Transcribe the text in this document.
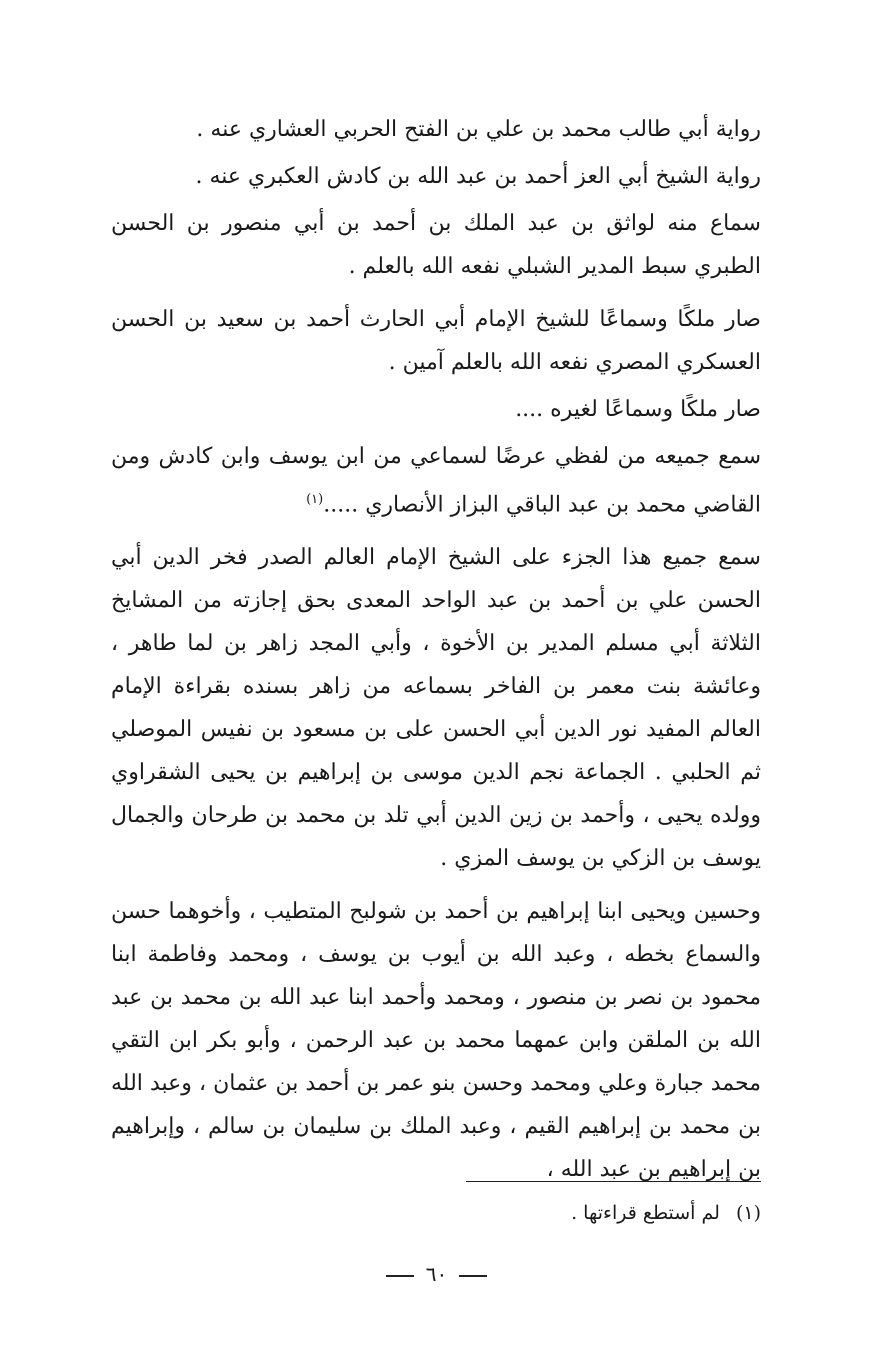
رواية أبي طالب محمد بن علي بن الفتح الحربي العشاري عنه .

رواية الشيخ أبي العز أحمد بن عبد الله بن كادش العكبري عنه .

سماع منه لواثق بن عبد الملك بن أحمد بن أبي منصور بن الحسن الطبري سبط المدير الشبلي نفعه الله بالعلم .

صار ملكًا وسماعًا للشيخ الإمام أبي الحارث أحمد بن سعيد بن الحسن العسكري المصري نفعه الله بالعلم آمين .

صار ملكًا وسماعًا لغيره ....

سمع جميعه من لفظي عرضًا لسماعي من ابن يوسف وابن كادش ومن القاضي محمد بن عبد الباقي البزاز الأنصاري .....$^{(١)}$

سمع جميع هذا الجزء على الشيخ الإمام العالم الصدر فخر الدين أبي الحسن علي بن أحمد بن عبد الواحد المعدى بحق إجازته من المشايخ الثلاثة أبي مسلم المدير بن الأخوة ، وأبي المجد زاهر بن لما طاهر ، وعائشة بنت معمر بن الفاخر بسماعه من زاهر بسنده بقراءة الإمام العالم المفيد نور الدين أبي الحسن على بن مسعود بن نفيس الموصلي ثم الحلبي . الجماعة نجم الدين موسى بن إبراهيم بن يحيى الشقراوي وولده يحيى ، وأحمد بن زين الدين أبي تلد بن محمد بن طرحان والجمال يوسف بن الزكي بن يوسف المزي .

وحسين ويحيى ابنا إبراهيم بن أحمد بن شولبح المتطيب ، وأخوهما حسن والسماع بخطه ، وعبد الله بن أيوب بن يوسف ، ومحمد وفاطمة ابنا محمود بن نصر بن منصور ، ومحمد وأحمد ابنا عبد الله بن محمد بن عبد الله بن الملقن وابن عمهما محمد بن عبد الرحمن ، وأبو بكر ابن التقي محمد جبارة وعلي ومحمد وحسن بنو عمر بن أحمد بن عثمان ، وعبد الله بن محمد بن إبراهيم القيم ، وعبد الملك بن سليمان بن سالم ، وإبراهيم بن إبراهيم بن عبد الله ،

(١)لم أستطع قراءتها .
٦٠
